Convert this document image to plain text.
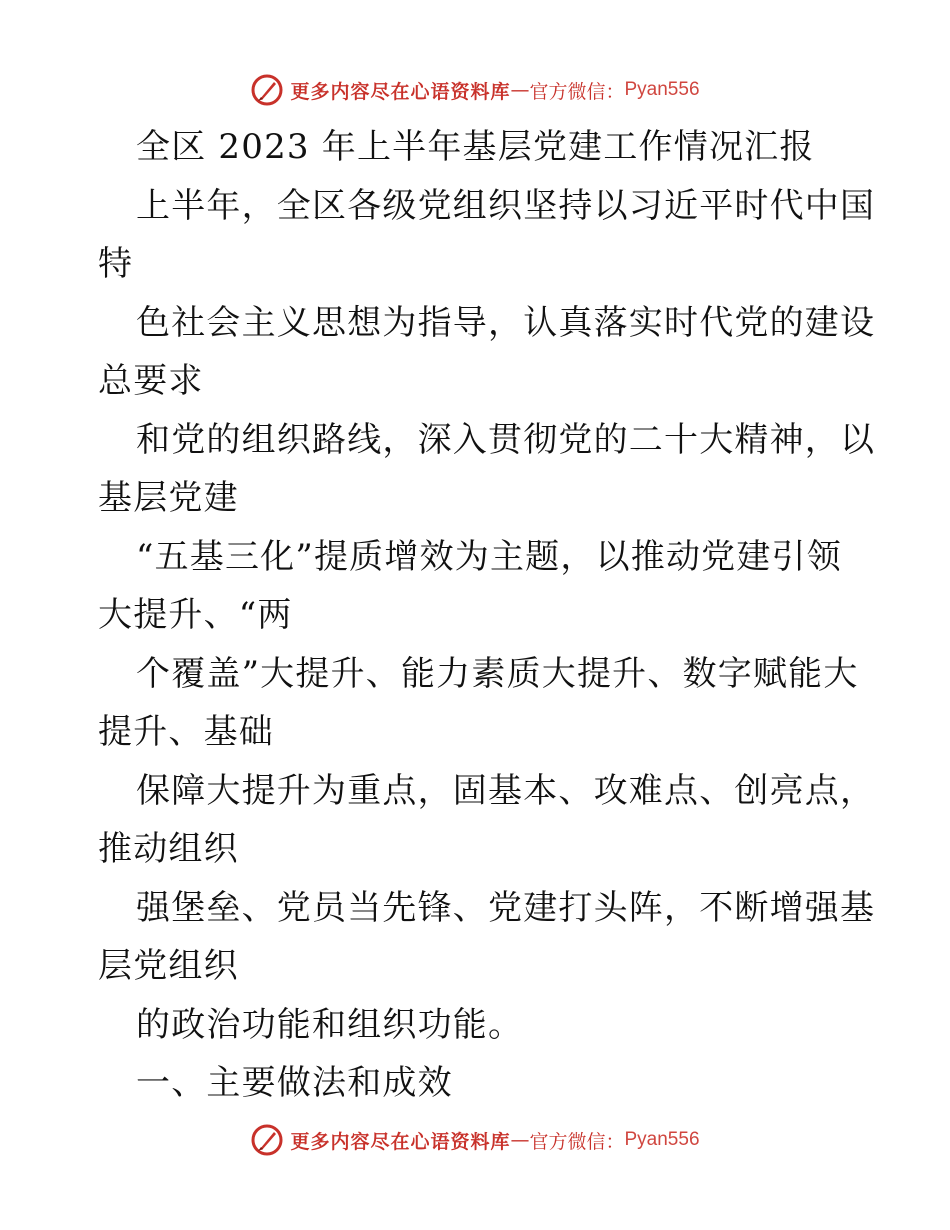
更多内容尽在心语资料库 — 官方微信： Pyan556
全区 2023 年上半年基层党建工作情况汇报
上半年，全区各级党组织坚持以习近平时代中国
特
色社会主义思想为指导，认真落实时代党的建设
总要求
和党的组织路线，深入贯彻党的二十大精神，以
基层党建
“五基三化”提质增效为主题，以推动党建引领
大提升、“两
个覆盖”大提升、能力素质大提升、数字赋能大
提升、基础
保障大提升为重点，固基本、攻难点、创亮点，
推动组织
强堡垒、党员当先锋、党建打头阵，不断增强基
层党组织
的政治功能和组织功能。
一、主要做法和成效
更多内容尽在心语资料库 — 官方微信： Pyan556
